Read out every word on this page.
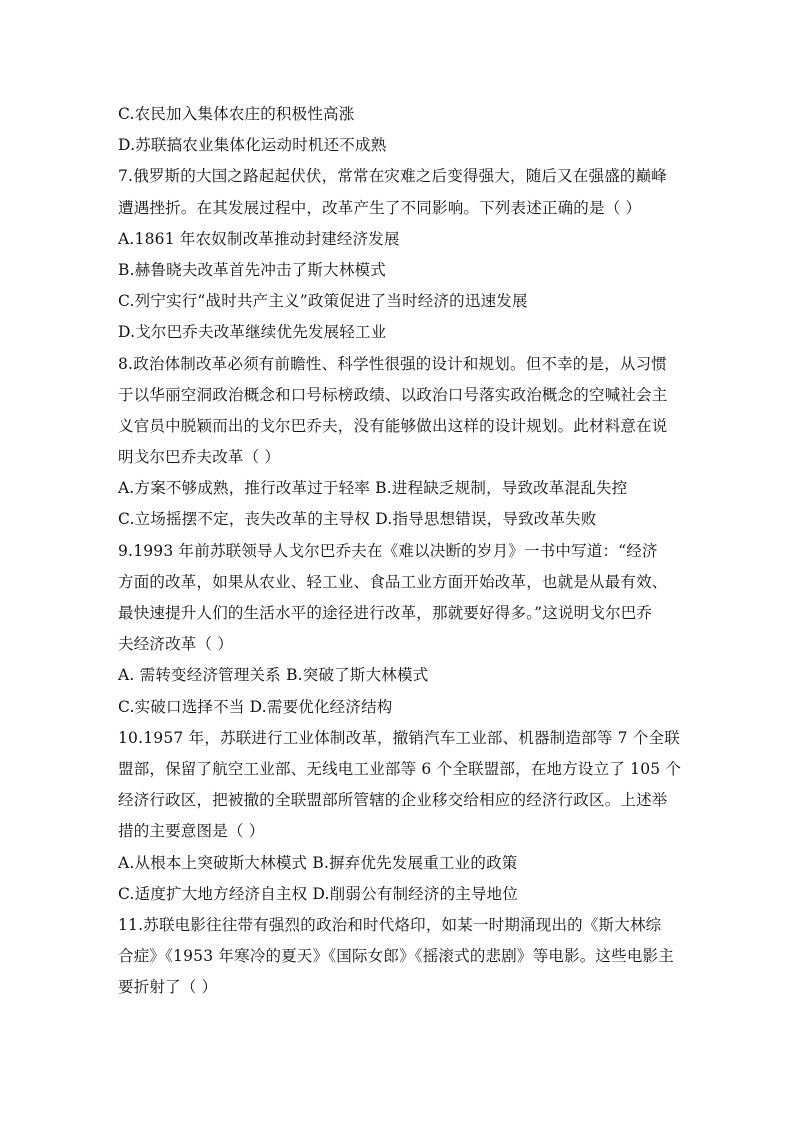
C.农民加入集体农庄的积极性高涨
D.苏联搞农业集体化运动时机还不成熟
7.俄罗斯的大国之路起起伏伏，常常在灾难之后变得强大，随后又在强盛的巅峰
遭遇挫折。在其发展过程中，改革产生了不同影响。下列表述正确的是（ ）
A.1861 年农奴制改革推动封建经济发展
B.赫鲁晓夫改革首先冲击了斯大林模式
C.列宁实行“战时共产主义”政策促进了当时经济的迅速发展
D.戈尔巴乔夫改革继续优先发展轻工业
8.政治体制改革必须有前瞻性、科学性很强的设计和规划。但不幸的是，从习惯
于以华丽空洞政治概念和口号标榜政绩、以政治口号落实政治概念的空喊社会主
义官员中脱颖而出的戈尔巴乔夫，没有能够做出这样的设计规划。此材料意在说
明戈尔巴乔夫改革（ ）
A.方案不够成熟，推行改革过于轻率 B.进程缺乏规制，导致改革混乱失控
C.立场摇摆不定，丧失改革的主导权 D.指导思想错误，导致改革失败
9.1993 年前苏联领导人戈尔巴乔夫在《难以决断的岁月》一书中写道：“经济
方面的改革，如果从农业、轻工业、食品工业方面开始改革，也就是从最有效、
最快速提升人们的生活水平的途径进行改革，那就要好得多。”这说明戈尔巴乔
夫经济改革（ ）
A. 需转变经济管理关系 B.突破了斯大林模式
C.实破口选择不当 D.需要优化经济结构
10.1957 年，苏联进行工业体制改革，撤销汽车工业部、机器制造部等 7 个全联
盟部，保留了航空工业部、无线电工业部等 6 个全联盟部，在地方设立了 105 个
经济行政区，把被撤的全联盟部所管辖的企业移交给相应的经济行政区。上述举
措的主要意图是（ ）
A.从根本上突破斯大林模式 B.摒弃优先发展重工业的政策
C.适度扩大地方经济自主权 D.削弱公有制经济的主导地位
11.苏联电影往往带有强烈的政治和时代烙印，如某一时期涌现出的《斯大林综
合症》《1953 年寒冷的夏天》《国际女郎》《摇滚式的悲剧》等电影。这些电影主
要折射了（ ）
